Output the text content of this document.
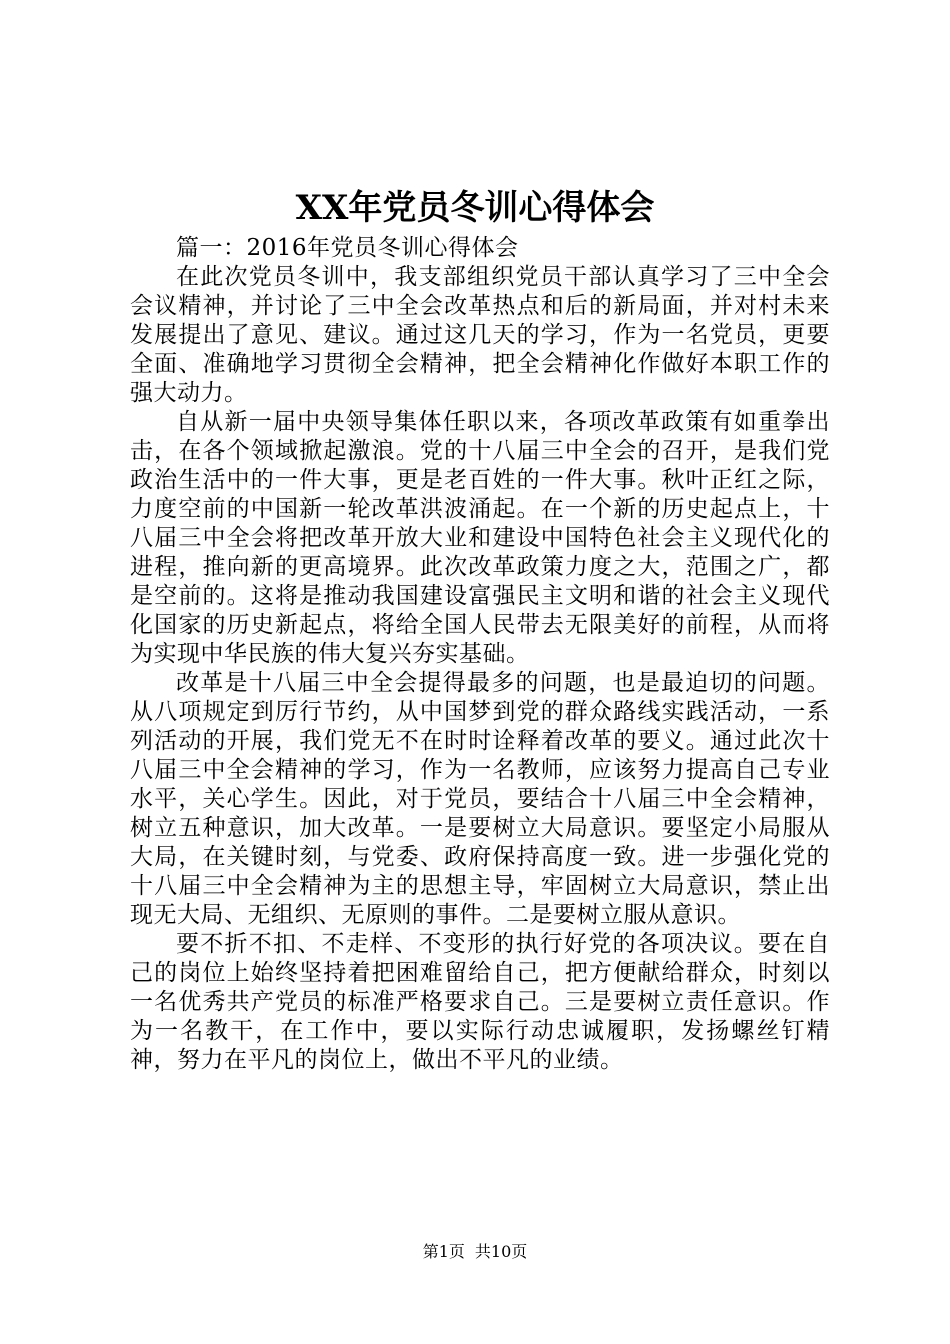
XX年党员冬训心得体会

篇一：2016年党员冬训心得体会

在此次党员冬训中，我支部组织党员干部认真学习了三中全会会议精神，并讨论了三中全会改革热点和后的新局面，并对村未来发展提出了意见、建议。通过这几天的学习，作为一名党员，更要全面、准确地学习贯彻全会精神，把全会精神化作做好本职工作的强大动力。

自从新一届中央领导集体任职以来，各项改革政策有如重拳出击，在各个领域掀起激浪。党的十八届三中全会的召开，是我们党政治生活中的一件大事，更是老百姓的一件大事。秋叶正红之际，力度空前的中国新一轮改革洪波涌起。在一个新的历史起点上，十八届三中全会将把改革开放大业和建设中国特色社会主义现代化的进程，推向新的更高境界。此次改革政策力度之大，范围之广，都是空前的。这将是推动我国建设富强民主文明和谐的社会主义现代化国家的历史新起点，将给全国人民带去无限美好的前程，从而将为实现中华民族的伟大复兴夯实基础。

改革是十八届三中全会提得最多的问题，也是最迫切的问题。从八项规定到厉行节约，从中国梦到党的群众路线实践活动，一系列活动的开展，我们党无不在时时诠释着改革的要义。通过此次十八届三中全会精神的学习，作为一名教师，应该努力提高自己专业水平，关心学生。因此，对于党员，要结合十八届三中全会精神，树立五种意识，加大改革。一是要树立大局意识。要坚定小局服从大局，在关键时刻，与党委、政府保持高度一致。进一步强化党的十八届三中全会精神为主的思想主导，牢固树立大局意识，禁止出现无大局、无组织、无原则的事件。二是要树立服从意识。

要不折不扣、不走样、不变形的执行好党的各项决议。要在自己的岗位上始终坚持着把困难留给自己，把方便献给群众，时刻以一名优秀共产党员的标准严格要求自己。三是要树立责任意识。作为一名教干，在工作中，要以实际行动忠诚履职，发扬螺丝钉精神，努力在平凡的岗位上，做出不平凡的业绩。

第1页 共10页
